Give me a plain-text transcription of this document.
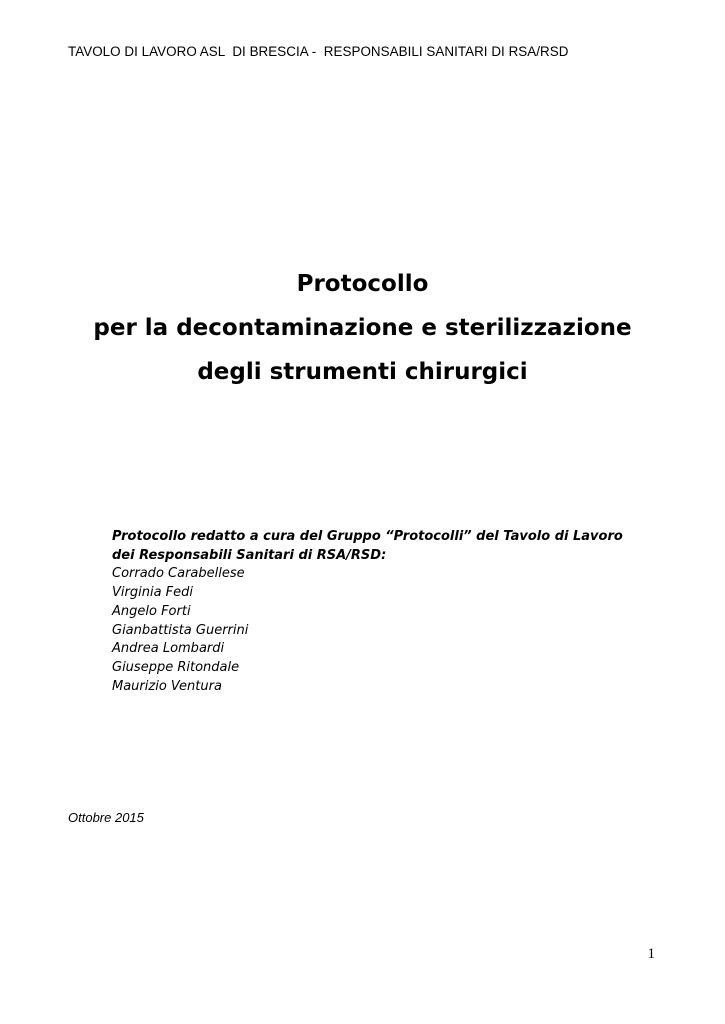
TAVOLO DI LAVORO ASL  DI BRESCIA -  RESPONSABILI SANITARI DI RSA/RSD
Protocollo
per la decontaminazione e sterilizzazione
degli strumenti chirurgici
Protocollo redatto a cura del Gruppo “Protocolli” del Tavolo di Lavoro
dei Responsabili Sanitari di RSA/RSD:
Corrado Carabellese
Virginia Fedi
Angelo Forti
Gianbattista Guerrini
Andrea Lombardi
Giuseppe Ritondale
Maurizio Ventura
Ottobre 2015
1
